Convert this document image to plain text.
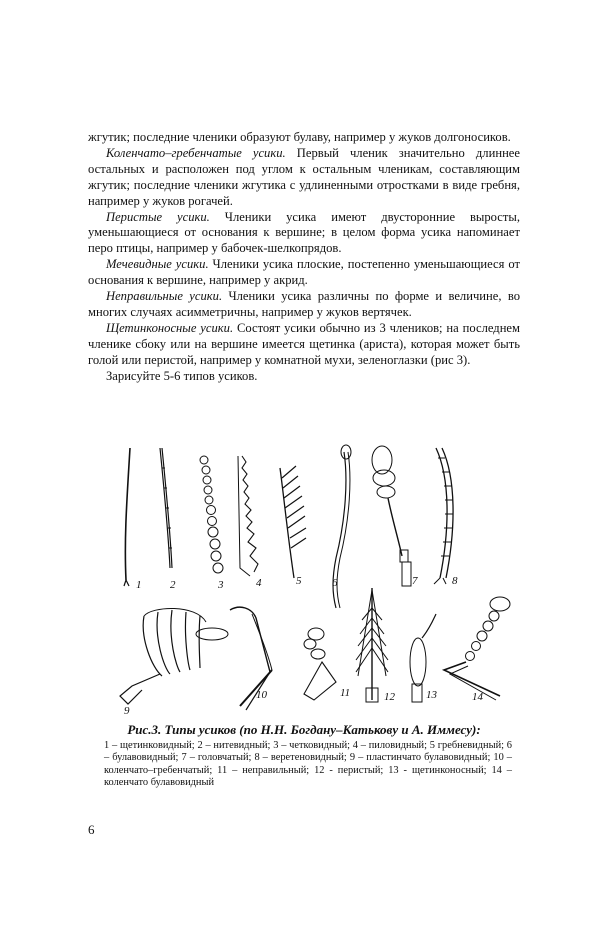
жгутик; последние членики образуют булаву, например у жуков долгоносиков.

Коленчато–гребенчатые усики. Первый членик значительно длиннее остальных и расположен под углом к остальным членикам, составляющим жгутик; последние членики жгутика с удлиненными отростками в виде гребня, например у жуков рогачей.

Перистые усики. Членики усика имеют двусторонние выросты, уменьшающиеся от основания к вершине; в целом форма усика напоминает перо птицы, например у бабочек-шелкопрядов.

Мечевидные усики. Членики усика плоские, постепенно уменьшающиеся от основания к вершине, например у акрид.

Неправильные усики. Членики усика различны по форме и величине, во многих случаях асимметричны, например у жуков вертячек.

Щетинконосные усики. Состоят усики обычно из 3 члеников; на последнем членике сбоку или на вершине имеется щетинка (ариста), которая может быть голой или перистой, например у комнатной мухи, зеленоглазки (рис 3).

Зарисуйте 5-6 типов усиков.

1	2	3	4	5	6	7	8
9
10	11	12	13	14
Рис.3. Типы усиков (по Н.Н. Богдану–Катькову и А. Иммесу):
1 – щетинковидный; 2 – нитевидный; 3 – четковидный; 4 – пиловидный; 5 гребневидный; 6 – булавовидный; 7 – головчатый; 8 – веретеновидный; 9 – пластинчато булавовидный; 10 – коленчато–гребенчатый; 11 – неправильный; 12 - перистый; 13 - щетинконосный; 14 – коленчато булавовидный
6
